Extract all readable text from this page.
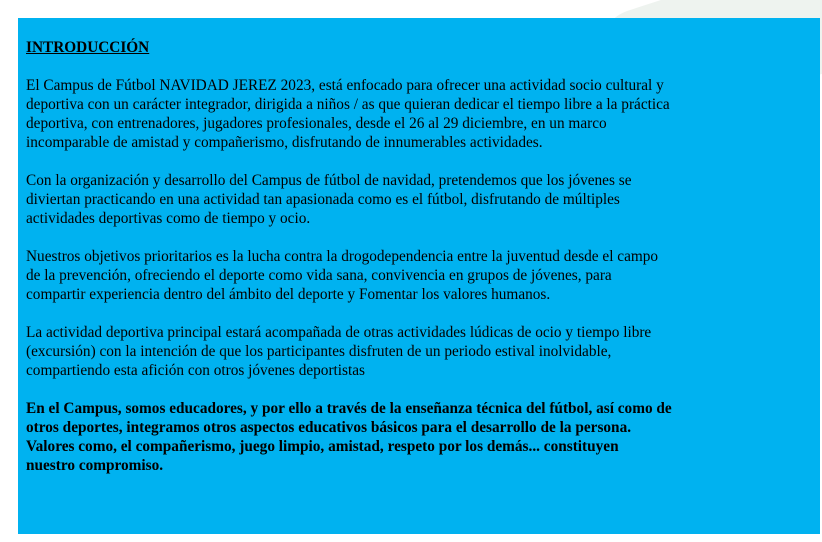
INTRODUCCIÓN
El Campus de Fútbol NAVIDAD JEREZ 2023, está enfocado para ofrecer una actividad socio cultural y
deportiva con un carácter integrador, dirigida a niños / as que quieran dedicar el tiempo libre a la práctica
deportiva, con entrenadores, jugadores profesionales, desde el 26 al 29 diciembre, en un marco
incomparable de amistad y compañerismo, disfrutando de innumerables actividades.
Con la organización y desarrollo del Campus de fútbol de navidad, pretendemos que los jóvenes se
diviertan practicando en una actividad tan apasionada como es el fútbol, disfrutando de múltiples
actividades deportivas como de tiempo y ocio.
Nuestros objetivos prioritarios es la lucha contra la drogodependencia entre la juventud desde el campo
de la prevención, ofreciendo el deporte como vida sana, convivencia en grupos de jóvenes, para
compartir experiencia dentro del ámbito del deporte y Fomentar los valores humanos.
La actividad deportiva principal estará acompañada de otras actividades lúdicas de ocio y tiempo libre
(excursión) con la intención de que los participantes disfruten de un periodo estival inolvidable,
compartiendo esta afición con otros jóvenes deportistas
En el Campus, somos educadores, y por ello a través de la enseñanza técnica del fútbol, así como de
otros deportes, integramos otros aspectos educativos básicos para el desarrollo de la persona.
Valores como, el compañerismo, juego limpio, amistad, respeto por los demás... constituyen
nuestro compromiso.
